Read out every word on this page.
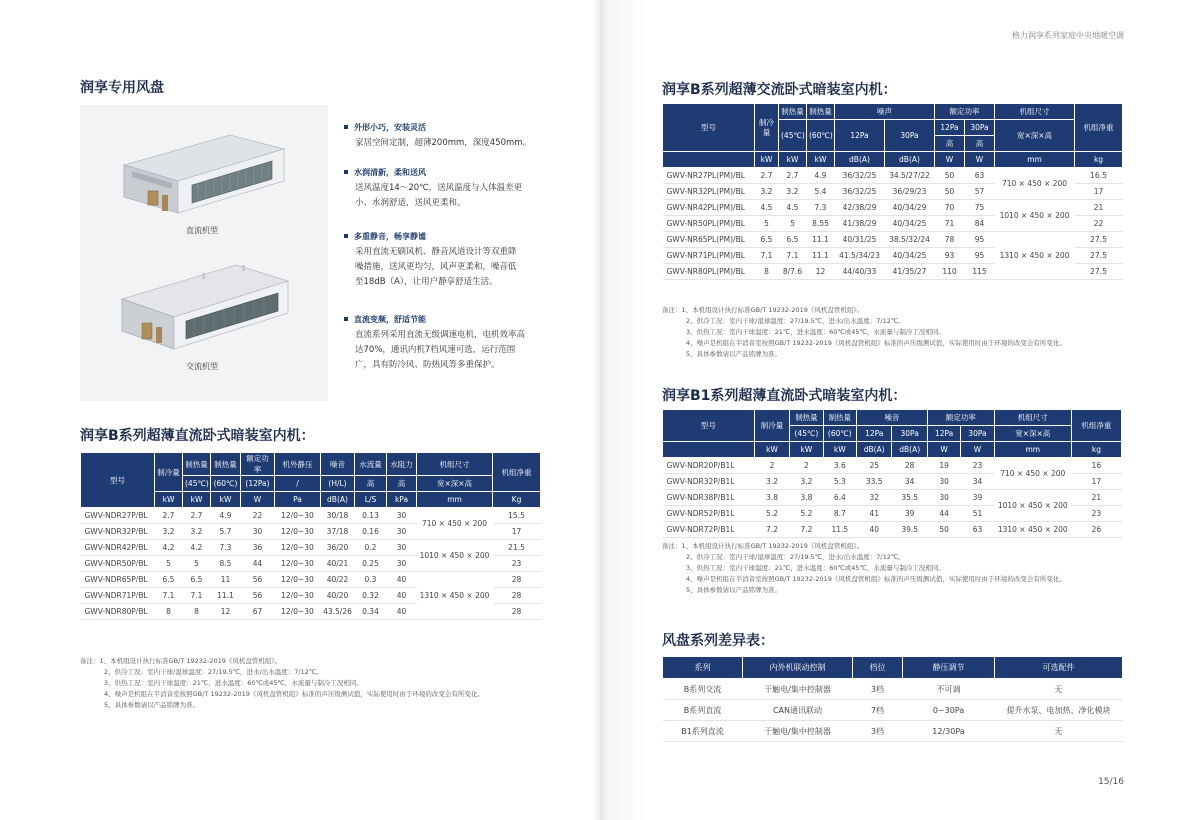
润享专用风盘
直流机型
交流机型
外形小巧，安装灵活
家居空间定制，超薄200mm，深度450mm。
水润清新，柔和送风
送风温度14～20℃，送风温度与人体温差更
小、水润舒适，送风更柔和。
多重静音，畅享静谧
采用直流无刷风机、静音风道设计等双重降
噪措施，送风更均匀，风声更柔和，噪音低
至18dB（A），让用户静享舒适生活。
直流变频，舒适节能
直流系列采用直流无级调速电机，电机效率高
达70%，通讯内机7档风速可选，运行范围
广，具有防冷风、防热风等多重保护。
润享B系列超薄直流卧式暗装室内机：
型号	制冷量	制热量	制热量	额定功率	机外静压	噪音	水流量	水阻力	机组尺寸	机组净重
		(45℃)	(60℃)	(12Pa)	/	(H/L)	高	高	宽×深×高	
	kW	kW	kW	W	Pa	dB(A)	L/S	kPa	mm	Kg
GWV-NDR27P/BL	2.7	2.7	4.9	22	12/0~30	30/18	0.13	30	710 × 450 × 200	15.5
GWV-NDR32P/BL	3.2	3.2	5.7	30	12/0~30	37/18	0.16	30		17
GWV-NDR42P/BL	4.2	4.2	7.3	36	12/0~30	36/20	0.2	30	1010 × 450 × 200	21.5
GWV-NDR50P/BL	5	5	8.5	44	12/0~30	40/21	0.25	30		23
GWV-NDR65P/BL	6.5	6.5	11	56	12/0~30	40/22	0.3	40	1310 × 450 × 200	28
GWV-NDR71P/BL	7.1	7.1	11.1	56	12/0~30	40/20	0.32	40		28
GWV-NDR80P/BL	8	8	12	67	12/0~30	43.5/26	0.34	40		28
备注：1、本机组设计执行标准GB/T 19232-2019《风机盘管机组》。
2、供冷工况：室内干球/湿球温度：27/19.5℃，进水/出水温度：7/12℃。
3、供热工况：室内干球温度：21℃，进水温度：60℃或45℃，水流量与制冷工况相同。
4、噪声是机组在半消音室按照GB/T 19232-2019《风机盘管机组》标准的声压级测试值，实际使用时由于环境的改变会有所变化。
5、具体参数请以产品铭牌为准。
格力润享系列家庭中央地暖空调
润享B系列超薄交流卧式暗装室内机：
型号	制冷量	制热量	制热量	噪声		额定功率		机组尺寸	机组净重
		(45℃)	(60℃)	12Pa	30Pa	12Pa	30Pa	宽×深×高	
						高	高		
	kW	kW	kW	dB(A)	dB(A)	W	W	mm	kg
GWV-NR27PL(PM)/BL	2.7	2.7	4.9	36/32/25	34.5/27/22	50	63	710 × 450 × 200	16.5
GWV-NR32PL(PM)/BL	3.2	3.2	5.4	36/32/25	36/29/23	50	57		17
GWV-NR42PL(PM)/BL	4.5	4.5	7.3	42/38/29	40/34/29	70	75	1010 × 450 × 200	21
GWV-NR50PL(PM)/BL	5	5	8.55	41/38/29	40/34/25	71	84		22
GWV-NR65PL(PM)/BL	6.5	6.5	11.1	40/31/25	38.5/32/24	78	95	1310 × 450 × 200	27.5
GWV-NR71PL(PM)/BL	7.1	7.1	11.1	41.5/34/23	40/34/25	93	95		27.5
GWV-NR80PL(PM)/BL	8	8/7.6	12	44/40/33	41/35/27	110	115		27.5
备注：1、本机组设计执行标准GB/T 19232-2019《风机盘管机组》。
2、供冷工况：室内干球/湿球温度：27/19.5℃，进水/出水温度：7/12℃。
3、供热工况：室内干球温度：21℃，进水温度：60℃或45℃，水流量与制冷工况相同。
4、噪声是机组在半消音室按照GB/T 19232-2019《风机盘管机组》标准的声压级测试值，实际使用时由于环境的改变会有所变化。
5、具体参数请以产品铭牌为准。
润享B1系列超薄直流卧式暗装室内机：
型号	制冷量	制热量	制热量	噪音		额定功率		机组尺寸	机组净重
		(45℃)	(60℃)	12Pa	30Pa	12Pa	30Pa	宽×深×高	
	kW	kW	kW	dB(A)	dB(A)	W	W	mm	kg
GWV-NDR20P/B1L	2	2	3.6	25	28	19	23	710 × 450 × 200	16
GWV-NDR32P/B1L	3.2	3.2	5.3	33.5	34	30	34		17
GWV-NDR38P/B1L	3.8	3.8	6.4	32	35.5	30	39	1010 × 450 × 200	21
GWV-NDR52P/B1L	5.2	5.2	8.7	41	39	44	51		23
GWV-NDR72P/B1L	7.2	7.2	11.5	40	39.5	50	63	1310 × 450 × 200	26
备注：1、本机组设计执行标准GB/T 19232-2019《风机盘管机组》。
2、供冷工况：室内干球/湿球温度：27/19.5℃，进水/出水温度：7/12℃。
3、供热工况：室内干球温度：21℃，进水温度：60℃或45℃，水流量与制冷工况相同。
4、噪声是机组在半消音室按照GB/T 19232-2019《风机盘管机组》标准的声压级测试值，实际使用时由于环境的改变会有所变化。
5、具体参数请以产品铭牌为准。
风盘系列差异表：
系列	内外机联动控制	档位	静压调节	可选配件
B系列交流	干触电/集中控制器	3档	不可调	无
B系列直流	CAN通讯联动	7档	0~30Pa	提升水泵、电加热、净化模块
B1系列直流	干触电/集中控制器	3档	12/30Pa	无
15/16
